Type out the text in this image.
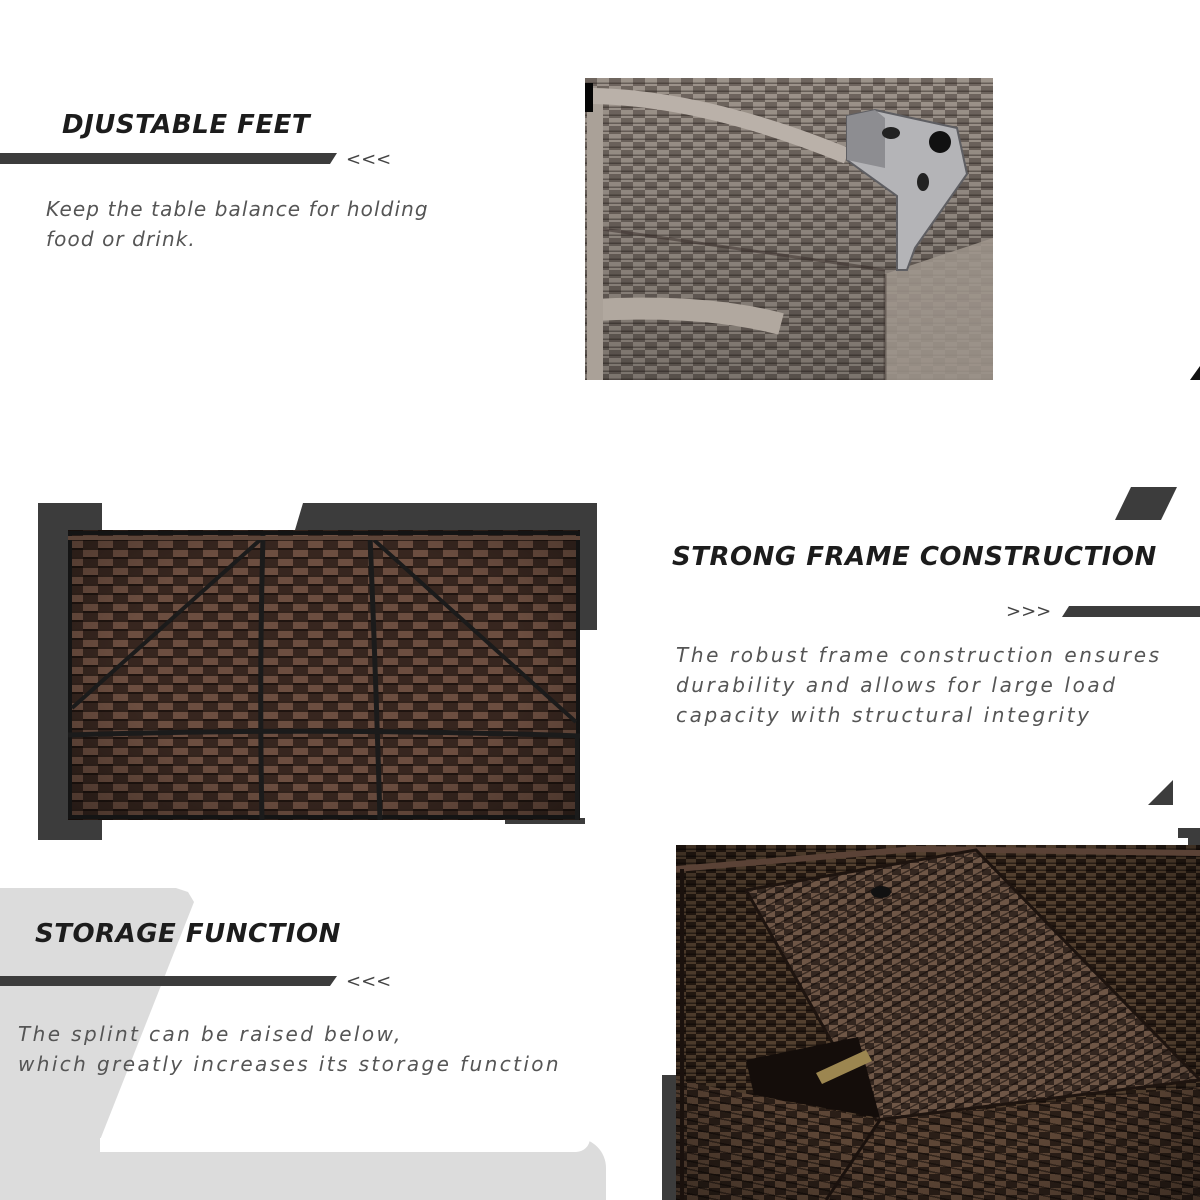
DJUSTABLE FEET
<<<
Keep the table balance for holding
food or drink.
STRONG FRAME CONSTRUCTION
>>>
The robust frame construction ensures
durability and allows for large load
capacity with structural integrity
STORAGE FUNCTION
<<<
The splint can be raised below,
which greatly increases its storage function
